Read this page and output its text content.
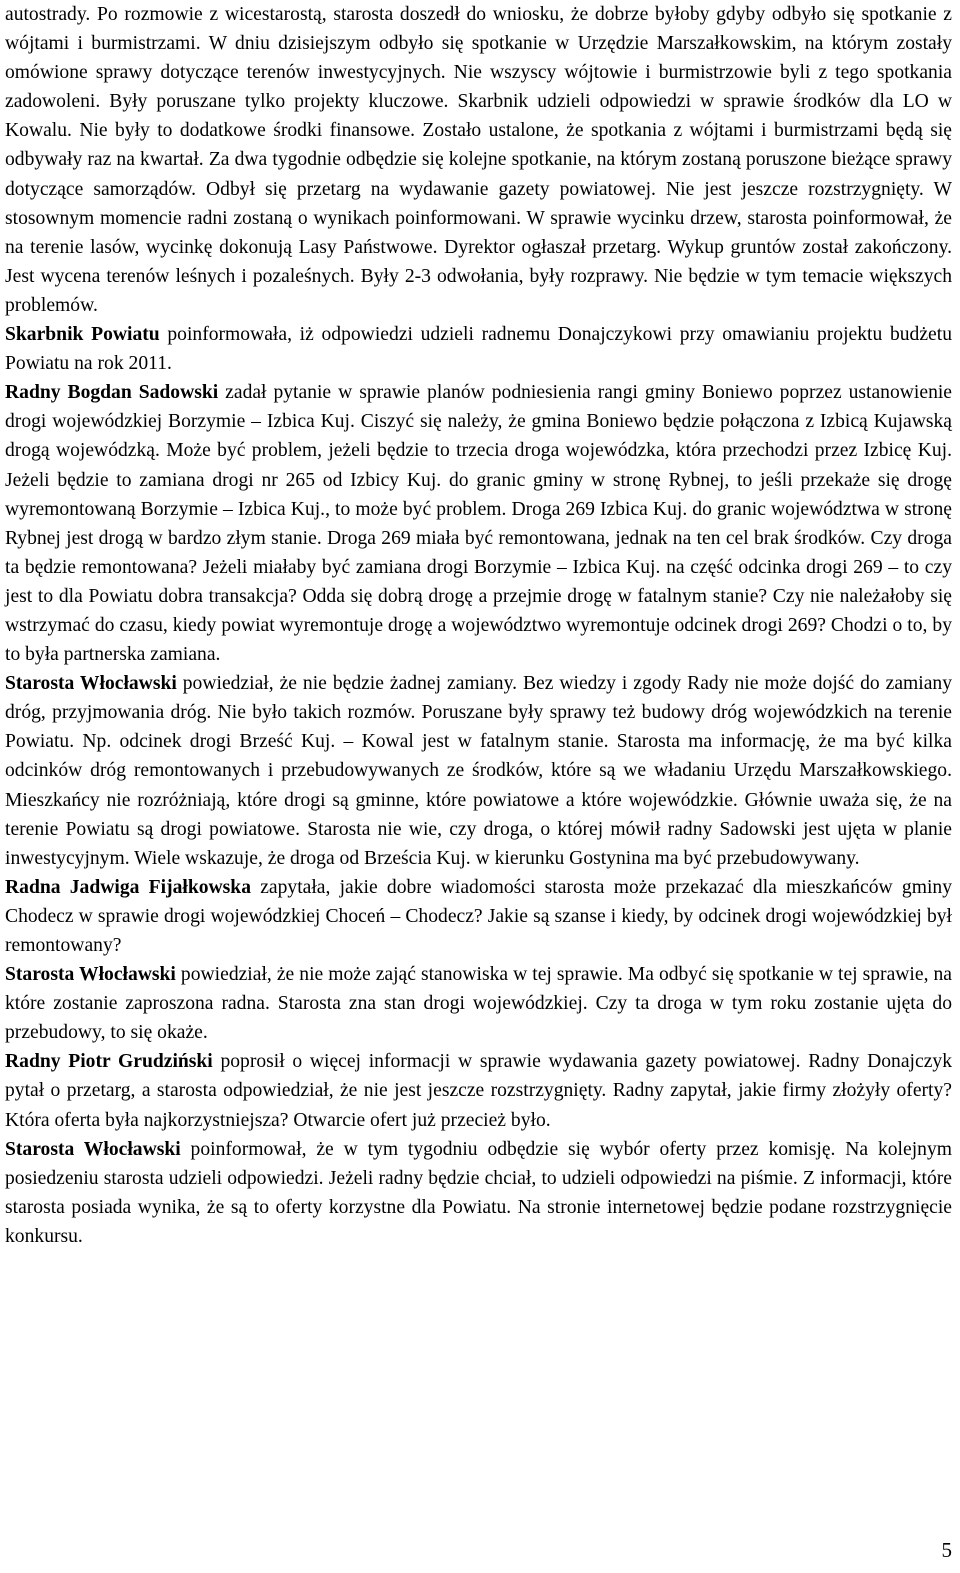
autostrady. Po rozmowie z wicestarostą, starosta doszedł do wniosku, że dobrze byłoby gdyby odbyło się spotkanie z wójtami i burmistrzami. W dniu dzisiejszym odbyło się spotkanie w Urzędzie Marszałkowskim, na którym zostały omówione sprawy dotyczące terenów inwestycyjnych. Nie wszyscy wójtowie i burmistrzowie byli z tego spotkania zadowoleni. Były poruszane tylko projekty kluczowe. Skarbnik udzieli odpowiedzi w sprawie środków dla LO w Kowalu. Nie były to dodatkowe środki finansowe. Zostało ustalone, że spotkania z wójtami i burmistrzami będą się odbywały raz na kwartał. Za dwa tygodnie odbędzie się kolejne spotkanie, na którym zostaną poruszone bieżące sprawy dotyczące samorządów. Odbył się przetarg na wydawanie gazety powiatowej. Nie jest jeszcze rozstrzygnięty. W stosownym momencie radni zostaną o wynikach poinformowani. W sprawie wycinku drzew, starosta poinformował, że na terenie lasów, wycinkę dokonują Lasy Państwowe. Dyrektor ogłaszał przetarg. Wykup gruntów został zakończony. Jest wycena terenów leśnych i pozaleśnych. Były 2-3 odwołania, były rozprawy. Nie będzie w tym temacie większych problemów.

Skarbnik Powiatu poinformowała, iż odpowiedzi udzieli radnemu Donajczykowi przy omawianiu projektu budżetu Powiatu na rok 2011.

Radny Bogdan Sadowski zadał pytanie w sprawie planów podniesienia rangi gminy Boniewo poprzez ustanowienie drogi wojewódzkiej Borzymie – Izbica Kuj. Ciszyć się należy, że gmina Boniewo będzie połączona z Izbicą Kujawską drogą wojewódzką. Może być problem, jeżeli będzie to trzecia droga wojewódzka, która przechodzi przez Izbicę Kuj. Jeżeli będzie to zamiana drogi nr 265 od Izbicy Kuj. do granic gminy w stronę Rybnej, to jeśli przekaże się drogę wyremontowaną Borzymie – Izbica Kuj., to może być problem. Droga 269 Izbica Kuj. do granic województwa w stronę Rybnej jest drogą w bardzo złym stanie. Droga 269 miała być remontowana, jednak na ten cel brak środków. Czy droga ta będzie remontowana? Jeżeli miałaby być zamiana drogi Borzymie – Izbica Kuj. na część odcinka drogi 269 – to czy jest to dla Powiatu dobra transakcja? Odda się dobrą drogę a przejmie drogę w fatalnym stanie? Czy nie należałoby się wstrzymać do czasu, kiedy powiat wyremontuje drogę a województwo wyremontuje odcinek drogi 269? Chodzi o to, by to była partnerska zamiana.

Starosta Włocławski powiedział, że nie będzie żadnej zamiany. Bez wiedzy i zgody Rady nie może dojść do zamiany dróg, przyjmowania dróg. Nie było takich rozmów. Poruszane były sprawy też budowy dróg wojewódzkich na terenie Powiatu. Np. odcinek drogi Brześć Kuj. – Kowal jest w fatalnym stanie. Starosta ma informację, że ma być kilka odcinków dróg remontowanych i przebudowywanych ze środków, które są we władaniu Urzędu Marszałkowskiego. Mieszkańcy nie rozróżniają, które drogi są gminne, które powiatowe a które wojewódzkie. Głównie uważa się, że na terenie Powiatu są drogi powiatowe. Starosta nie wie, czy droga, o której mówił radny Sadowski jest ujęta w planie inwestycyjnym. Wiele wskazuje, że droga od Brześcia Kuj. w kierunku Gostynina ma być przebudowywany.

Radna Jadwiga Fijałkowska zapytała, jakie dobre wiadomości starosta może przekazać dla mieszkańców gminy Chodecz w sprawie drogi wojewódzkiej Choceń – Chodecz? Jakie są szanse i kiedy, by odcinek drogi wojewódzkiej był remontowany?

Starosta Włocławski powiedział, że nie może zająć stanowiska w tej sprawie. Ma odbyć się spotkanie w tej sprawie, na które zostanie zaproszona radna. Starosta zna stan drogi wojewódzkiej. Czy ta droga w tym roku zostanie ujęta do przebudowy, to się okaże.

Radny Piotr Grudziński poprosił o więcej informacji w sprawie wydawania gazety powiatowej. Radny Donajczyk pytał o przetarg, a starosta odpowiedział, że nie jest jeszcze rozstrzygnięty. Radny zapytał, jakie firmy złożyły oferty? Która oferta była najkorzystniejsza? Otwarcie ofert już przecież było.

Starosta Włocławski poinformował, że w tym tygodniu odbędzie się wybór oferty przez komisję. Na kolejnym posiedzeniu starosta udzieli odpowiedzi. Jeżeli radny będzie chciał, to udzieli odpowiedzi na piśmie. Z informacji, które starosta posiada wynika, że są to oferty korzystne dla Powiatu. Na stronie internetowej będzie podane rozstrzygnięcie konkursu.

5
